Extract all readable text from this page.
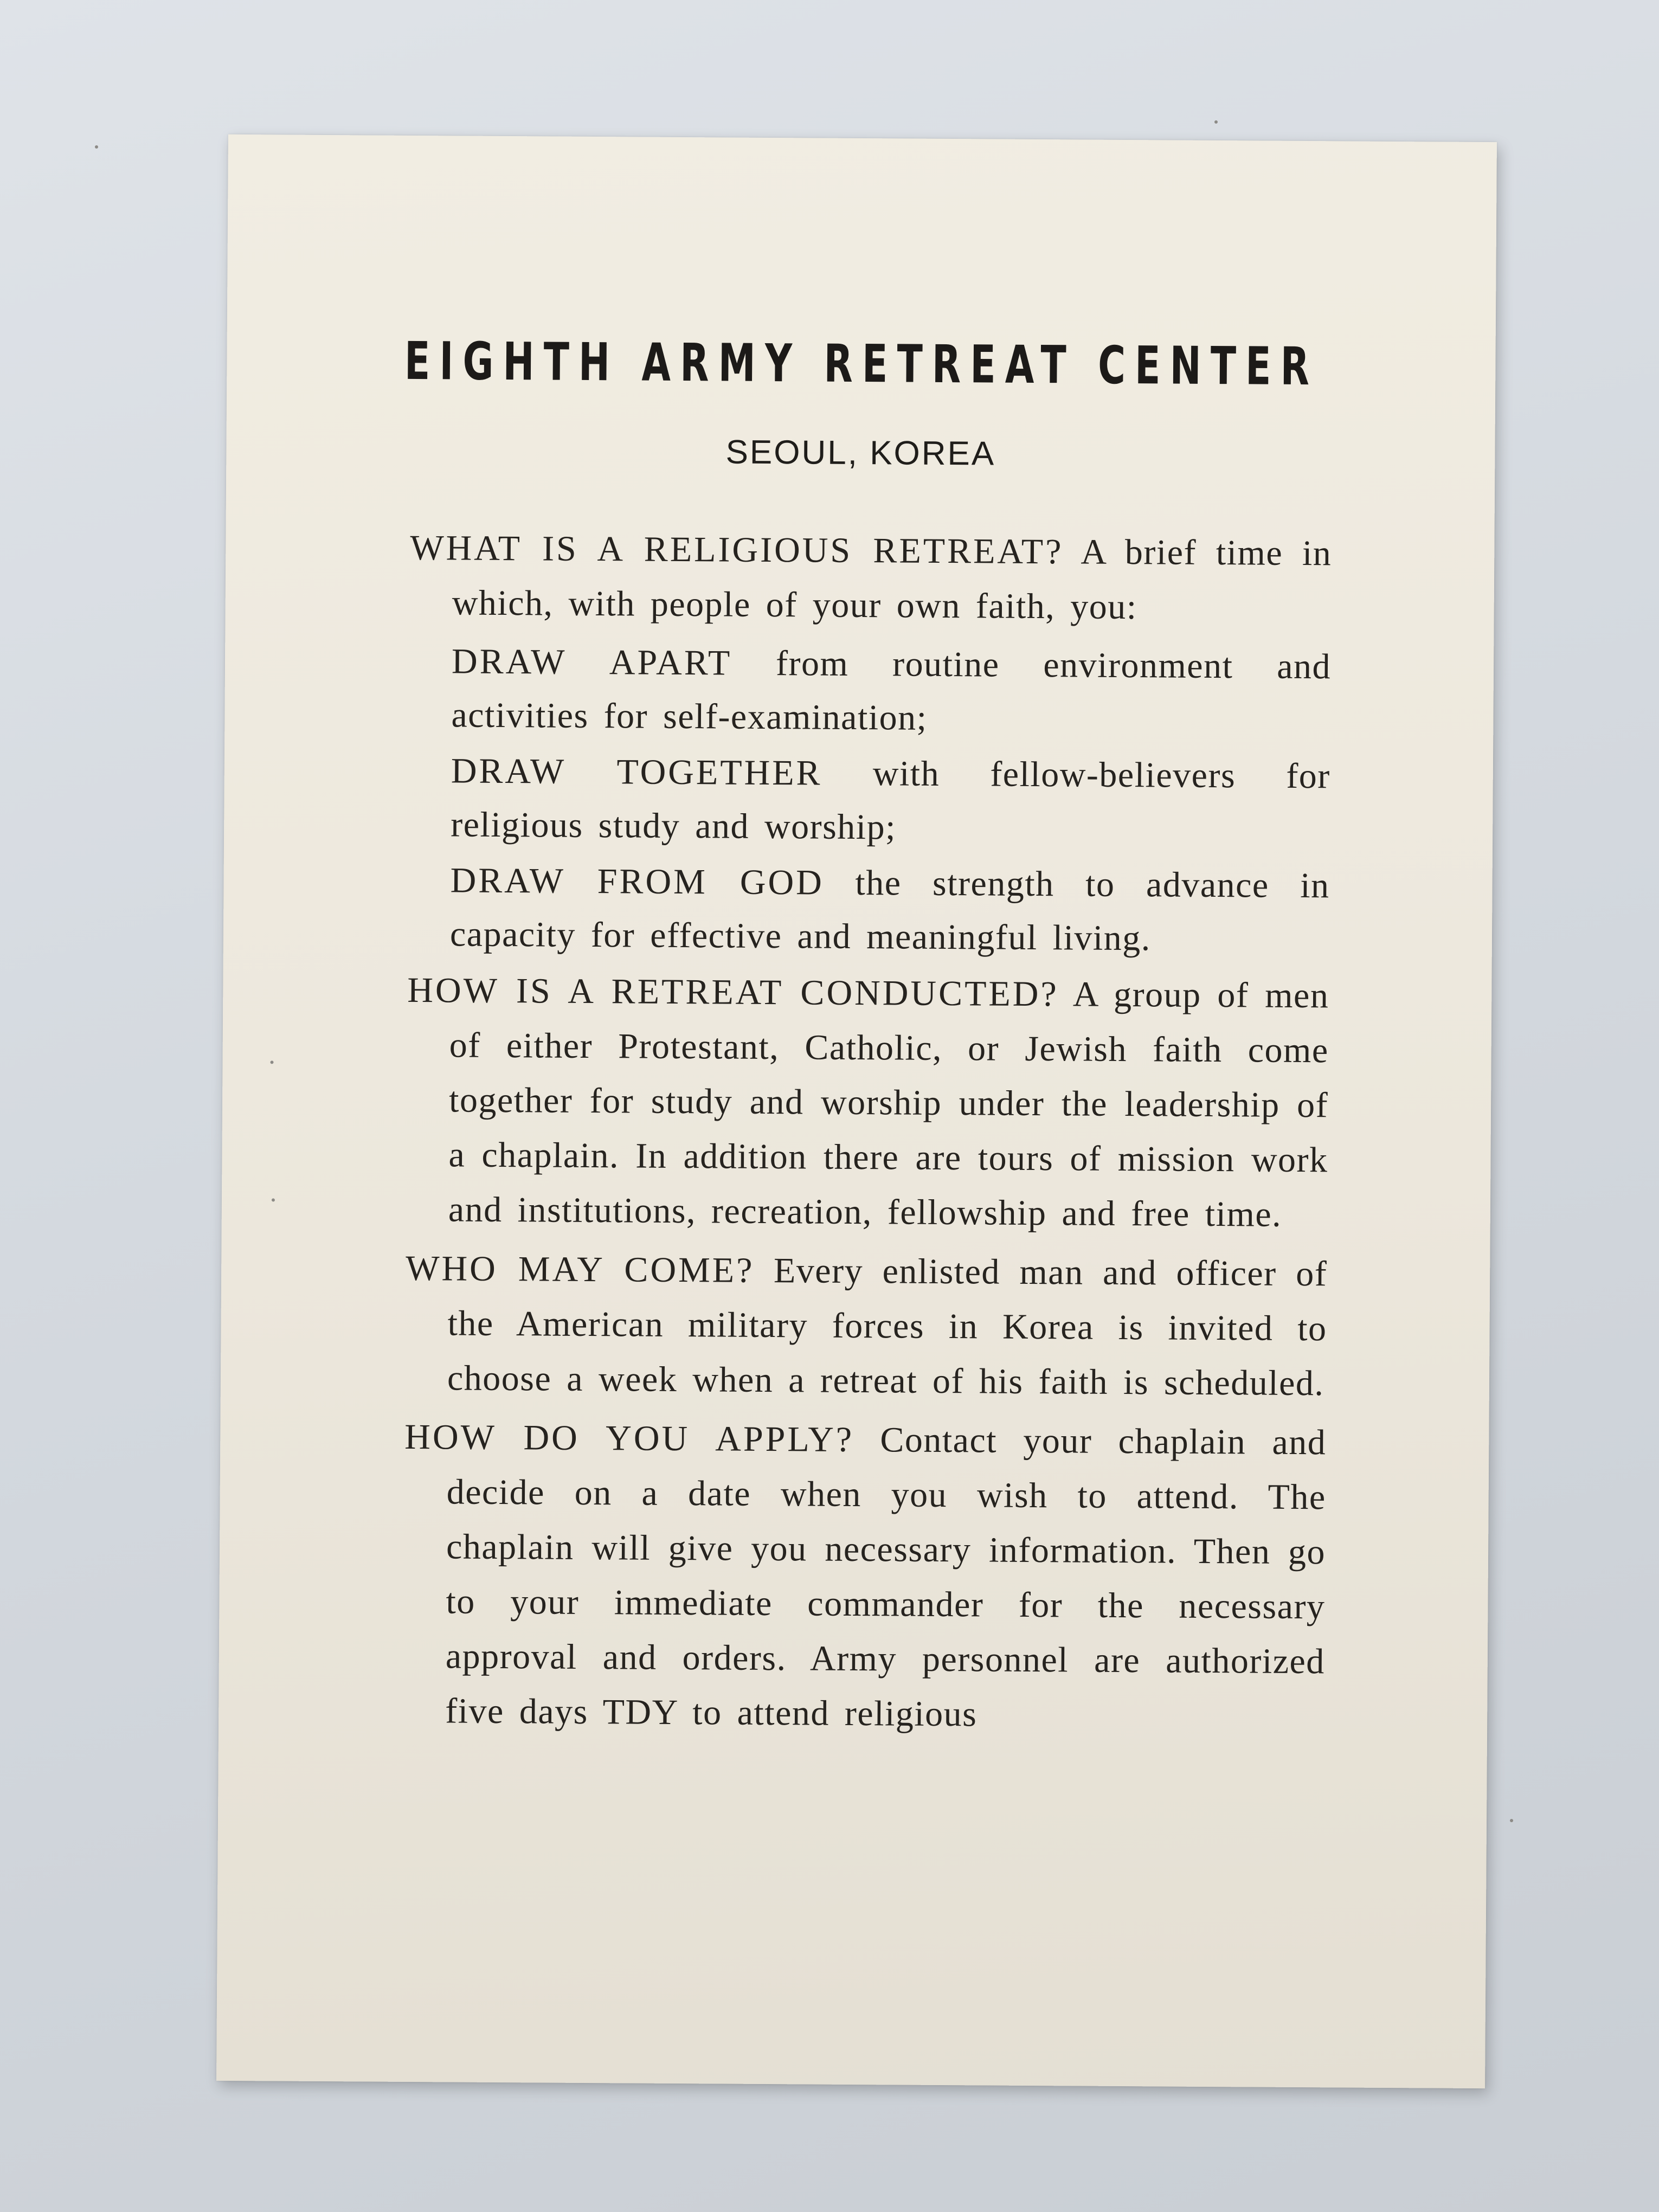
EIGHTH ARMY RETREAT CENTER
SEOUL, KOREA

WHAT IS A RELIGIOUS RETREAT? A brief time in which, with people of your own faith, you:

DRAW APART from routine environment and activities for self-examination;

DRAW TOGETHER with fellow-believers for religious study and worship;

DRAW FROM GOD the strength to advance in capacity for effective and meaningful living.

HOW IS A RETREAT CONDUCTED? A group of men of either Protestant, Catholic, or Jewish faith come together for study and worship under the leadership of a chaplain. In addition there are tours of mission work and institutions, recreation, fellowship and free time.

WHO MAY COME? Every enlisted man and officer of the American military forces in Korea is invited to choose a week when a retreat of his faith is scheduled.

HOW DO YOU APPLY? Contact your chaplain and decide on a date when you wish to attend. The chaplain will give you necessary information. Then go to your immediate commander for the necessary approval and orders. Army personnel are authorized five days TDY to attend religious
